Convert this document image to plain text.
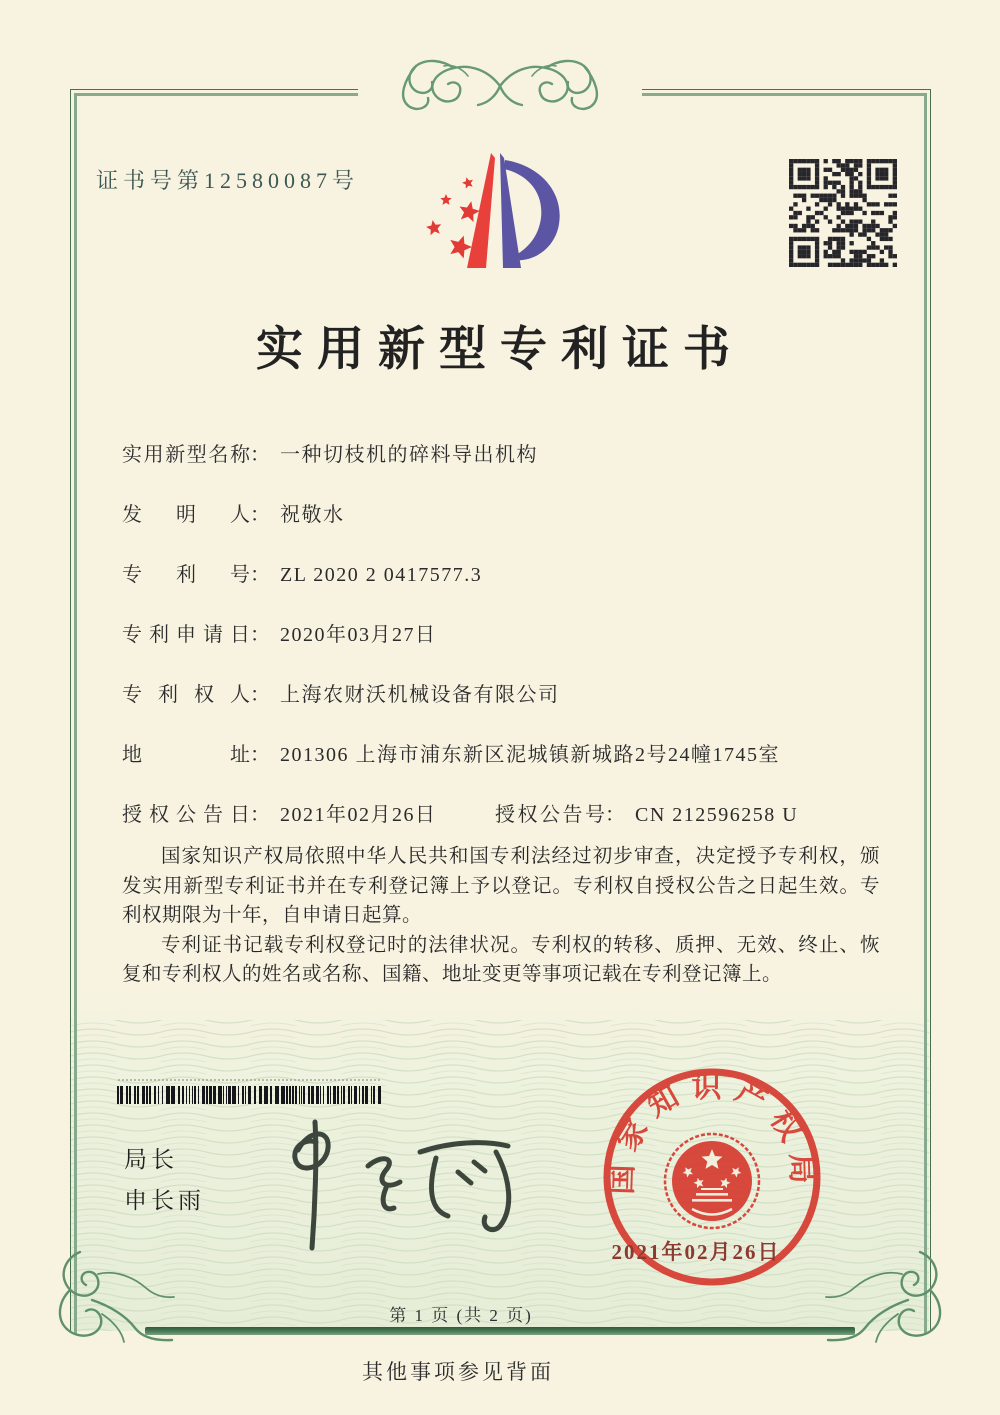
证书号第12580087号
实用新型专利证书
实用新型名称： 一种切枝机的碎料导出机构
发明人： 祝敬水
专利号： ZL 2020 2 0417577.3
专利申请日： 2020年03月27日
专利权人： 上海农财沃机械设备有限公司
地址： 201306 上海市浦东新区泥城镇新城路2号24幢1745室
授权公告日： 2021年02月26日	授权公告号： CN 212596258 U

国家知识产权局依照中华人民共和国专利法经过初步审查，决定授予专利权，颁发实用新型专利证书并在专利登记簿上予以登记。专利权自授权公告之日起生效。专利权期限为十年，自申请日起算。

专利证书记载专利权登记时的法律状况。专利权的转移、质押、无效、终止、恢复和专利权人的姓名或名称、国籍、地址变更等事项记载在专利登记簿上。

局长
申长雨
国家知识产权局
2021年02月26日
第 1 页 (共 2 页)
其他事项参见背面
